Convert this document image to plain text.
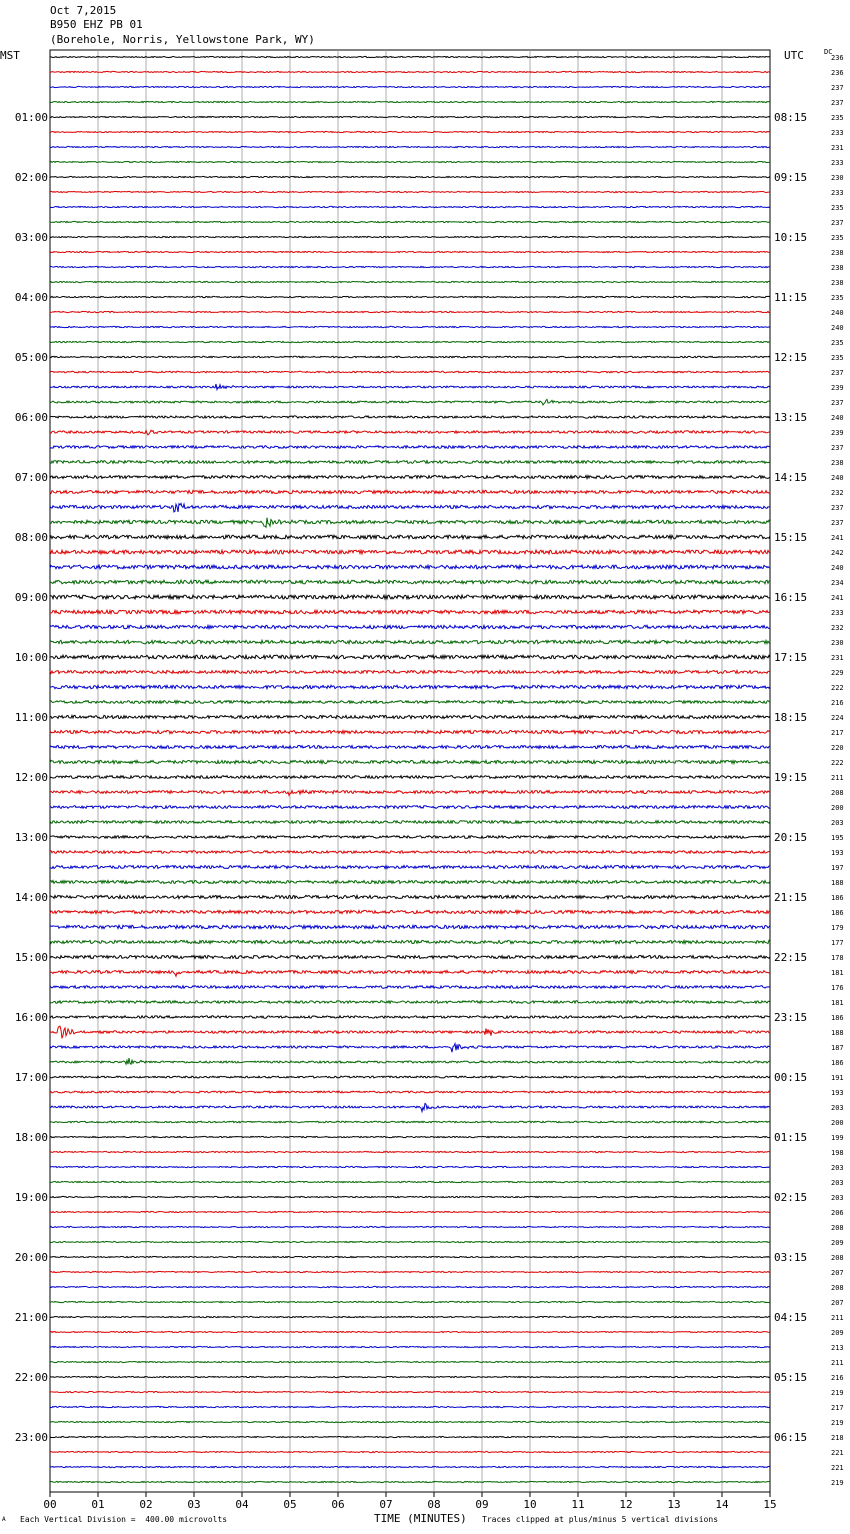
Oct 7,2015
B950 EHZ PB 01
(Borehole, Norris, Yellowstone Park, WY)
MST	UTC	DC
236
236
237
237
235
233
231
233
230
233
235
237
235
238
238
238
235
240
240
235
235
237
239
237
240
239
237
238
240
232
237
237
241
242
240
234
241
233
232
230
231
229
222
216
224
217
220
222
211
208
200
203
195
193
197
188
186
186
179
177
178
181
176
181
186
188
187
186
191
193
203
200
199
198
203
203
203
206
208
209
208
207
208
207
211
209
213
211
216
219
217
219
218
221
221
219
01:00
02:00
03:00
04:00
05:00
06:00
07:00
08:00
09:00
10:00
11:00
12:00
13:00
14:00
15:00
16:00
17:00
18:00
19:00
20:00
21:00
22:00
23:00
08:15
09:15
10:15
11:15
12:15
13:15
14:15
15:15
16:15
17:15
18:15
19:15
20:15
21:15
22:15
23:15
00:15
01:15
02:15
03:15
04:15
05:15
06:15
00	01	02	03	04	05	06	07	08	09	10	11	12	13	14	15
A Each Vertical Division =  400.00 microvolts	TIME (MINUTES) Traces clipped at plus/minus 5 vertical divisions
